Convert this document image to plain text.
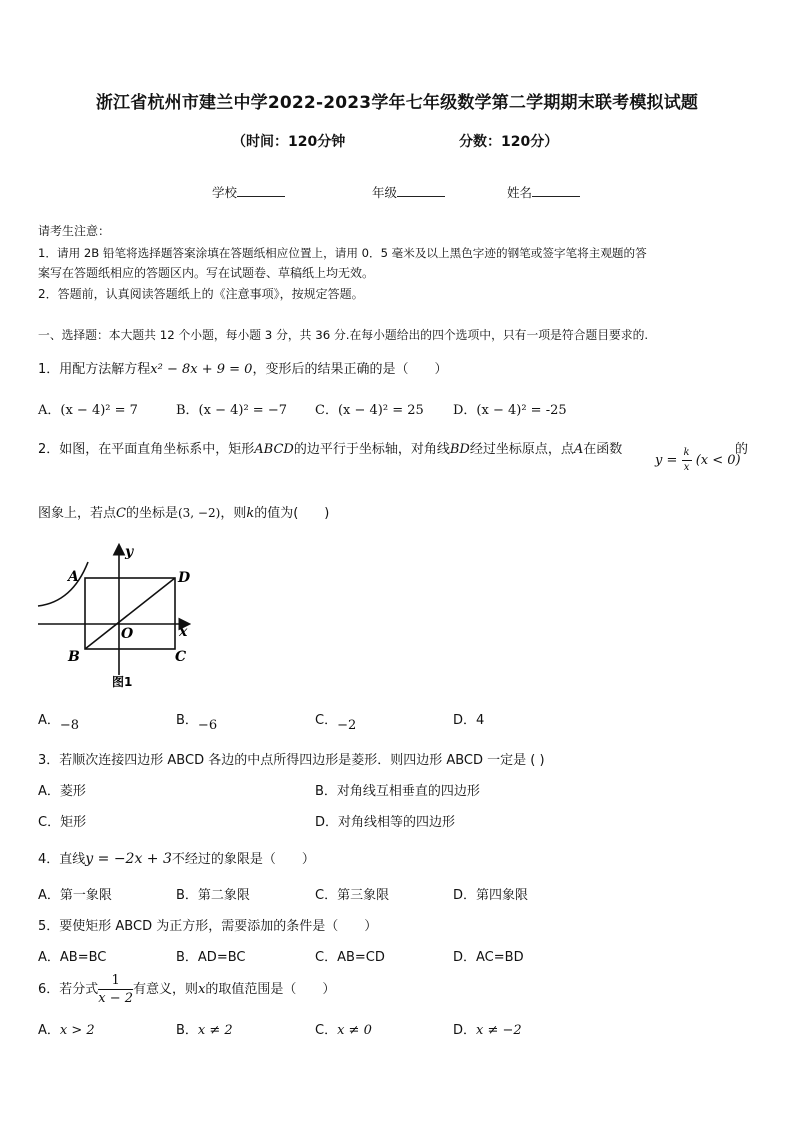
浙江省杭州市建兰中学2022-2023学年七年级数学第二学期期末联考模拟试题
（时间：120分钟	分数：120分）
学校	年级	姓名
请考生注意：
1．请用 2B 铅笔将选择题答案涂填在答题纸相应位置上，请用 0．5 毫米及以上黑色字迹的钢笔或签字笔将主观题的答
案写在答题纸相应的答题区内。写在试题卷、草稿纸上均无效。
2．答题前，认真阅读答题纸上的《注意事项》，按规定答题。
一、选择题：本大题共 12 个小题，每小题 3 分，共 36 分.在每小题给出的四个选项中，只有一项是符合题目要求的.
1．用配方法解方程x² − 8x + 9 = 0，变形后的结果正确的是（　　）
A．(x − 4)² = 7	B．(x − 4)² = −7 C．(x − 4)² = 25 D．(x − 4)² = -25
2．如图，在平面直角坐标系中，矩形ABCD的边平行于坐标轴，对角线BD经过坐标原点，点A在函数
$y = \frac{k}{x} (x < 0)$
的
图象上，若点C的坐标是(3, −2)，则k的值为(　　)
A	D
B	C
O	x
y
图1
A．−8	B．−6	C．−2	D．4
3．若顺次连接四边形 ABCD 各边的中点所得四边形是菱形．则四边形 ABCD 一定是 ( )
A．菱形	B．对角线互相垂直的四边形
C．矩形	D．对角线相等的四边形
4．直线y = −2x + 3不经过的象限是（　　）
A．第一象限	B．第二象限	C．第三象限	D．第四象限
5．要使矩形 ABCD 为正方形，需要添加的条件是（　　）
A．AB=BC	B．AD=BC	C．AB=CD	D．AC=BD
6．若分式 $\frac{1}{x - 2}$ 有意义，则x的取值范围是（　　）
A．x > 2	B．x ≠ 2	C．x ≠ 0	D．x ≠ −2
